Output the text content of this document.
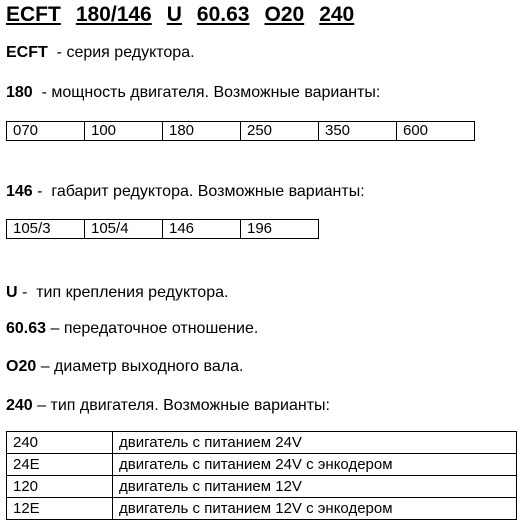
ECFT 180/146 U 60.63 O20 240

ECFT  - серия редуктора.

180  - мощность двигателя. Возможные варианты:

070	100	180	250	350	600

146 -  габарит редуктора. Возможные варианты:

105/3	105/4	146	196

U -  тип крепления редуктора.

60.63 – передаточное отношение.

O20 – диаметр выходного вала.

240 – тип двигателя. Возможные варианты:

240	двигатель с питанием 24V
24E	двигатель с питанием 24V с энкодером
120	двигатель с питанием 12V
12E	двигатель с питанием 12V с энкодером
